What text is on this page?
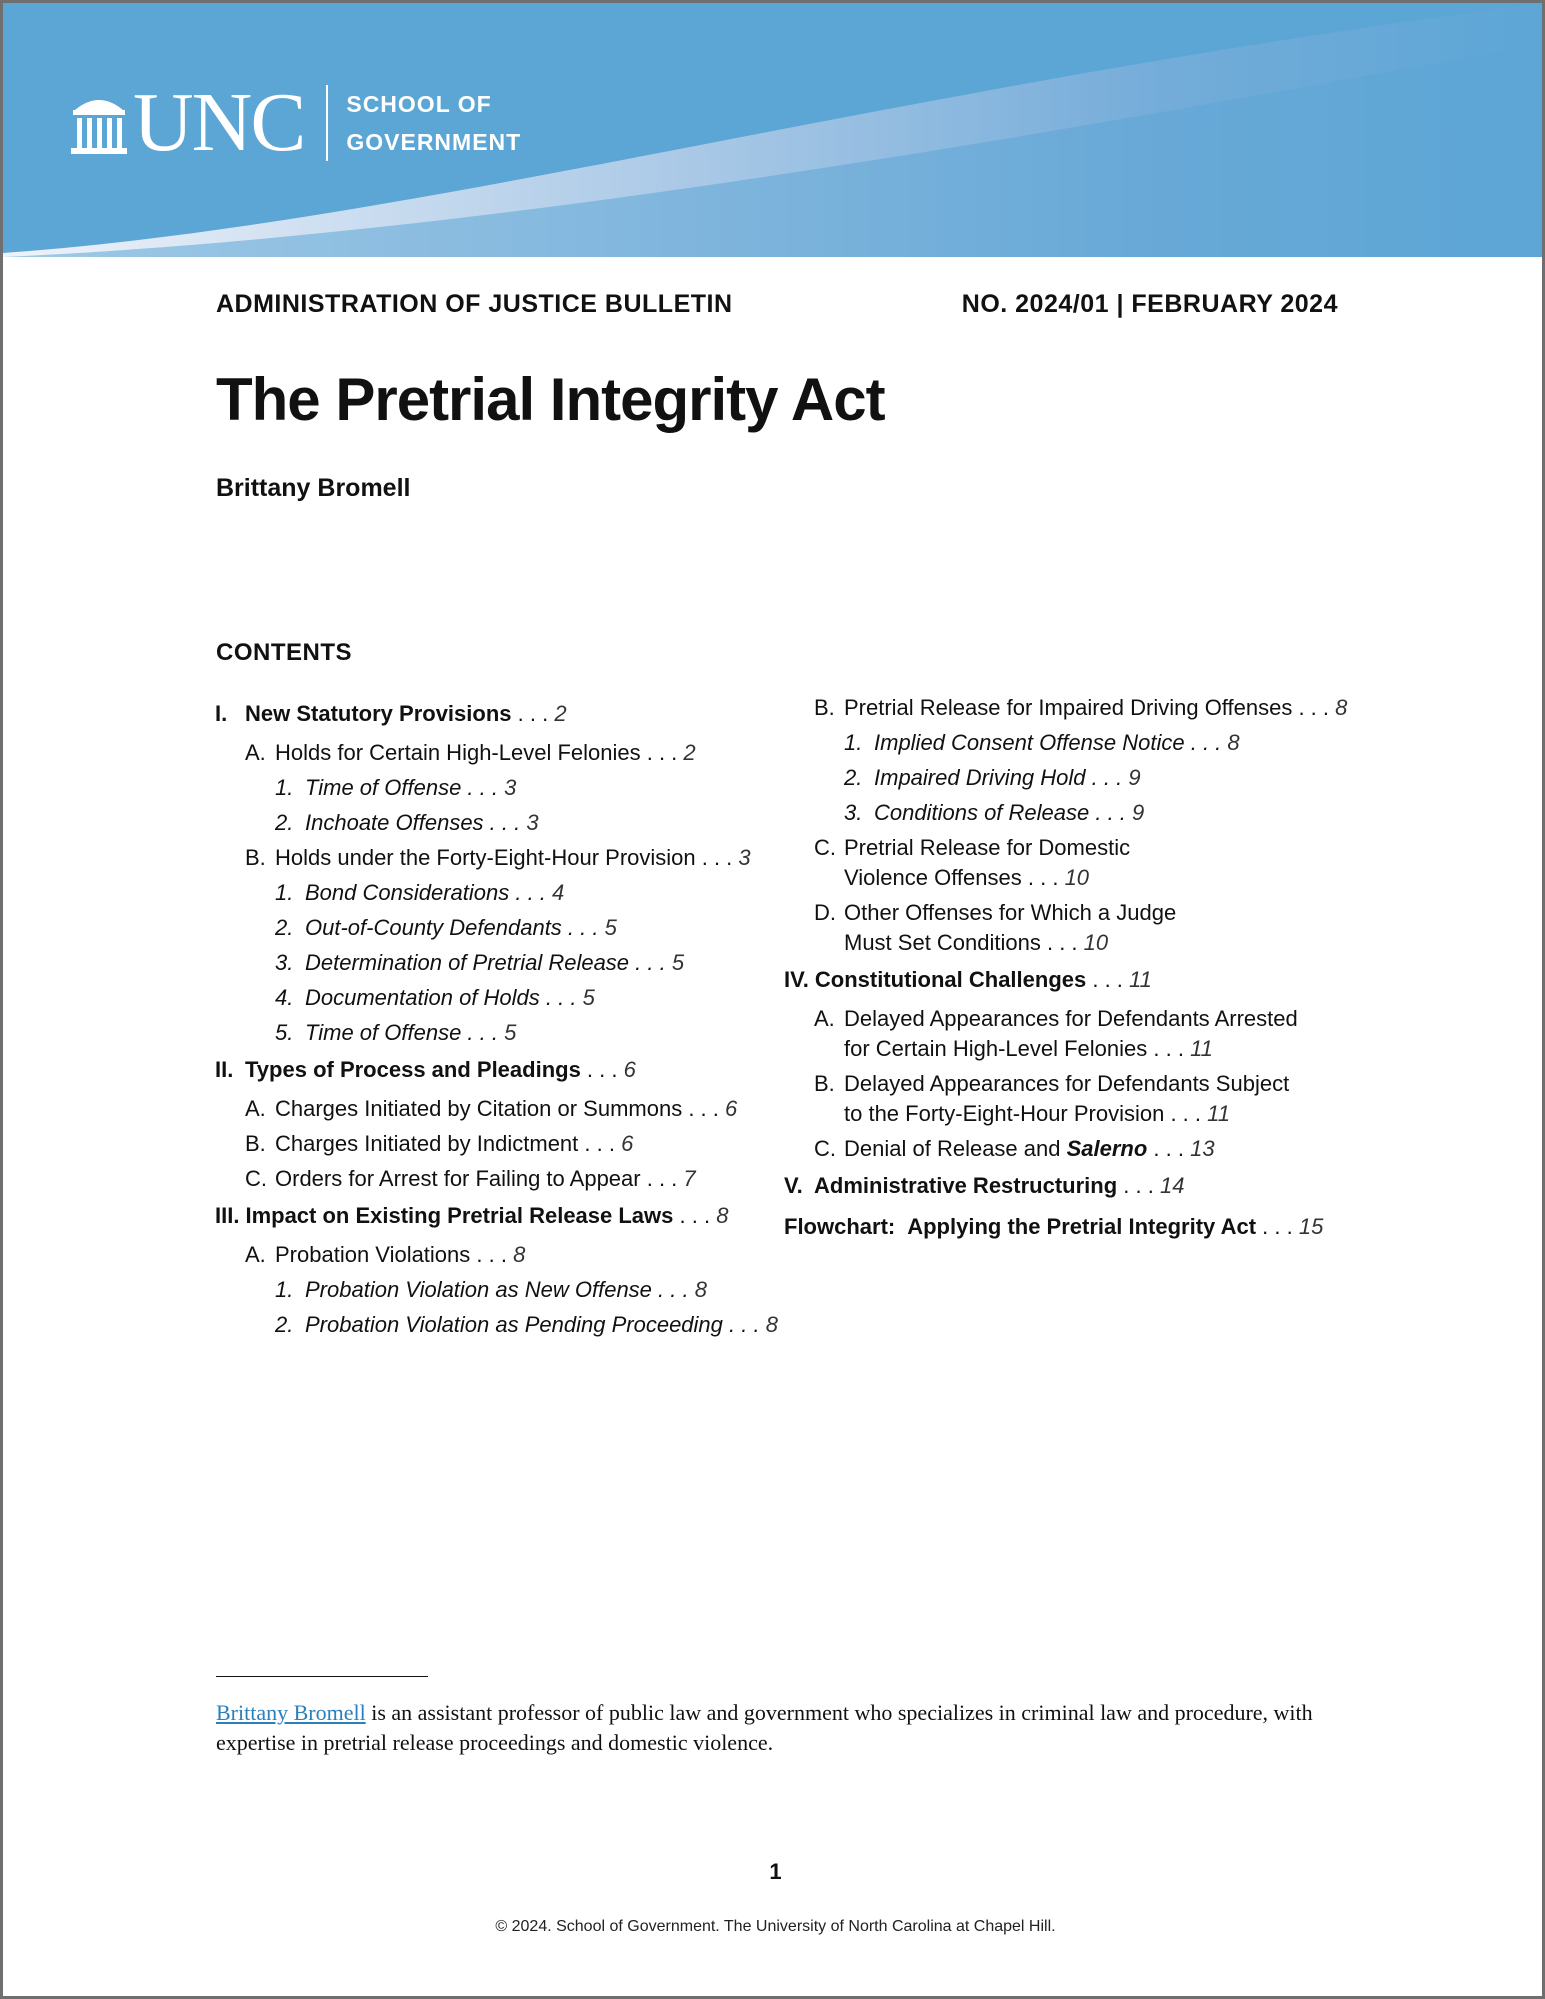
UNC SCHOOL OF
GOVERNMENT
ADMINISTRATION OF JUSTICE BULLETIN	NO. 2024/01 | FEBRUARY 2024
The Pretrial Integrity Act
Brittany Bromell
CONTENTS
I. New Statutory Provisions . . . 2
A. Holds for Certain High-Level Felonies . . . 2
1. Time of Offense . . . 3
2. Inchoate Offenses . . . 3
B. Holds under the Forty-Eight-Hour Provision . . . 3
1. Bond Considerations . . . 4
2. Out-of-County Defendants . . . 5
3. Determination of Pretrial Release . . . 5
4. Documentation of Holds . . . 5
5. Time of Offense . . . 5
II. Types of Process and Pleadings . . . 6
A. Charges Initiated by Citation or Summons . . . 6
B. Charges Initiated by Indictment . . . 6
C. Orders for Arrest for Failing to Appear . . . 7
III. Impact on Existing Pretrial Release Laws . . . 8
A. Probation Violations . . . 8
1. Probation Violation as New Offense . . . 8
2. Probation Violation as Pending Proceeding . . . 8
B. Pretrial Release for Impaired Driving Offenses . . . 8
1. Implied Consent Offense Notice . . . 8
2. Impaired Driving Hold . . . 9
3. Conditions of Release . . . 9
C. Pretrial Release for Domestic
Violence Offenses . . . 10
D. Other Offenses for Which a Judge
Must Set Conditions . . . 10
IV. Constitutional Challenges . . . 11
A. Delayed Appearances for Defendants Arrested
for Certain High-Level Felonies . . . 11
B. Delayed Appearances for Defendants Subject
to the Forty-Eight-Hour Provision . . . 11
C. Denial of Release and Salerno . . . 13
V. Administrative Restructuring . . . 14
Flowchart: Applying the Pretrial Integrity Act . . . 15
Brittany Bromell is an assistant professor of public law and government who specializes in criminal law and procedure, with expertise in pretrial release proceedings and domestic violence.
1
© 2024. School of Government. The University of North Carolina at Chapel Hill.
